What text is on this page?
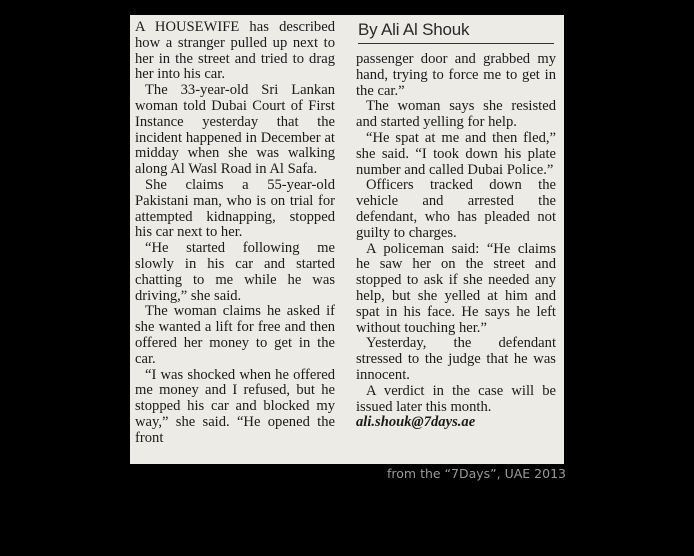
A HOUSEWIFE has described how a stranger pulled up next to her in the street and tried to drag her into his car.

The 33-year-old Sri Lankan woman told Dubai Court of First Instance yesterday that the incident happened in December at midday when she was walking along Al Wasl Road in Al Safa.

She claims a 55-year-old Pakistani man, who is on trial for attempted kidnapping, stopped his car next to her.

“He started following me slowly in his car and started chatting to me while he was driving,” she said.

The woman claims he asked if she wanted a lift for free and then offered her money to get in the car.

“I was shocked when he offered me money and I refused, but he stopped his car and blocked my way,” she said. “He opened the front

By Ali Al Shouk

passenger door and grabbed my hand, trying to force me to get in the car.”

The woman says she resisted and started yelling for help.

“He spat at me and then fled,” she said. “I took down his plate number and called Dubai Police.”

Officers tracked down the vehicle and arrested the defendant, who has pleaded not guilty to charges.

A policeman said: “He claims he saw her on the street and stopped to ask if she needed any help, but she yelled at him and spat in his face. He says he left without touching her.”

Yesterday, the defendant stressed to the judge that he was innocent.

A verdict in the case will be issued later this month.

ali.shouk@7days.ae

from the “7Days”, UAE 2013
